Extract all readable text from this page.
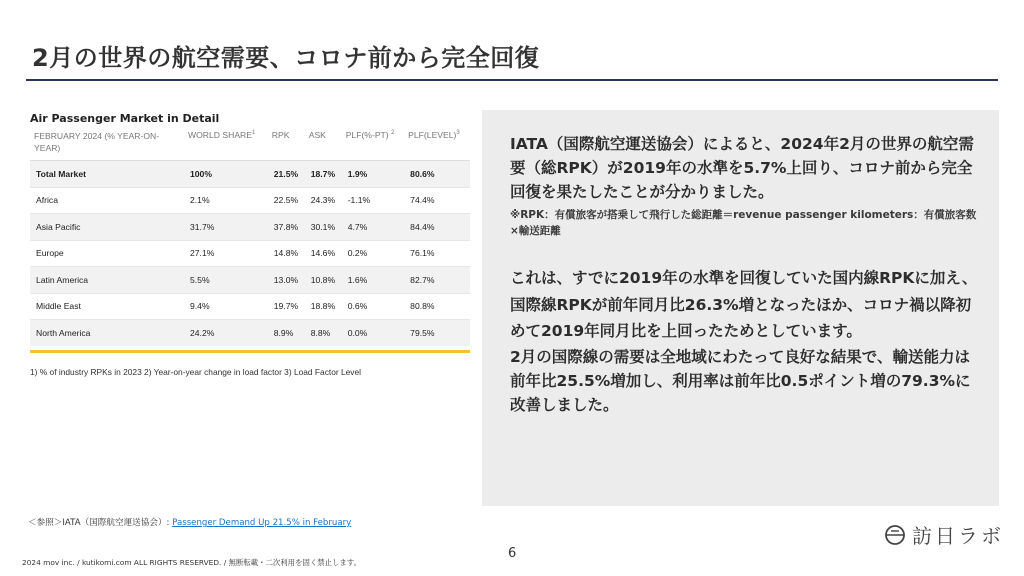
2月の世界の航空需要、コロナ前から完全回復
Air Passenger Market in Detail
FEBRUARY 2024 (% YEAR-ON-YEAR)	WORLD SHARE$^1$	RPK	ASK	PLF(%-PT) $^2$	PLF(LEVEL)$^3$
Total Market	100%	21.5%	18.7%	1.9%	80.6%
Africa	2.1%	22.5%	24.3%	-1.1%	74.4%
Asia Pacific	31.7%	37.8%	30.1%	4.7%	84.4%
Europe	27.1%	14.8%	14.6%	0.2%	76.1%
Latin America	5.5%	13.0%	10.8%	1.6%	82.7%
Middle East	9.4%	19.7%	18.8%	0.6%	80.8%
North America	24.2%	8.9%	8.8%	0.0%	79.5%
1) % of industry RPKs in 2023 2) Year-on-year change in load factor 3) Load Factor Level

IATA（国際航空運送協会）によると、2024年2月の世界の航空需要（総RPK）が2019年の水準を5.7%上回り、コロナ前から完全回復を果たしたことが分かりました。

※RPK：有償旅客が搭乗して飛行した総距離＝revenue passenger kilometers：有償旅客数×輸送距離

これは、すでに2019年の水準を回復していた国内線RPKに加え、国際線RPKが前年同月比26.3%増となったほか、コロナ禍以降初めて2019年同月比を上回ったためとしています。

2月の国際線の需要は全地域にわたって良好な結果で、輸送能力は前年比25.5%増加し、利用率は前年比0.5ポイント増の79.3%に改善しました。

＜参照＞IATA（国際航空運送協会）: Passenger Demand Up 21.5% in February
6
2024 mov inc. / kutikomi.com ALL RIGHTS RESERVED. / 無断転載・二次利用を固く禁止します。
訪日ラボ
